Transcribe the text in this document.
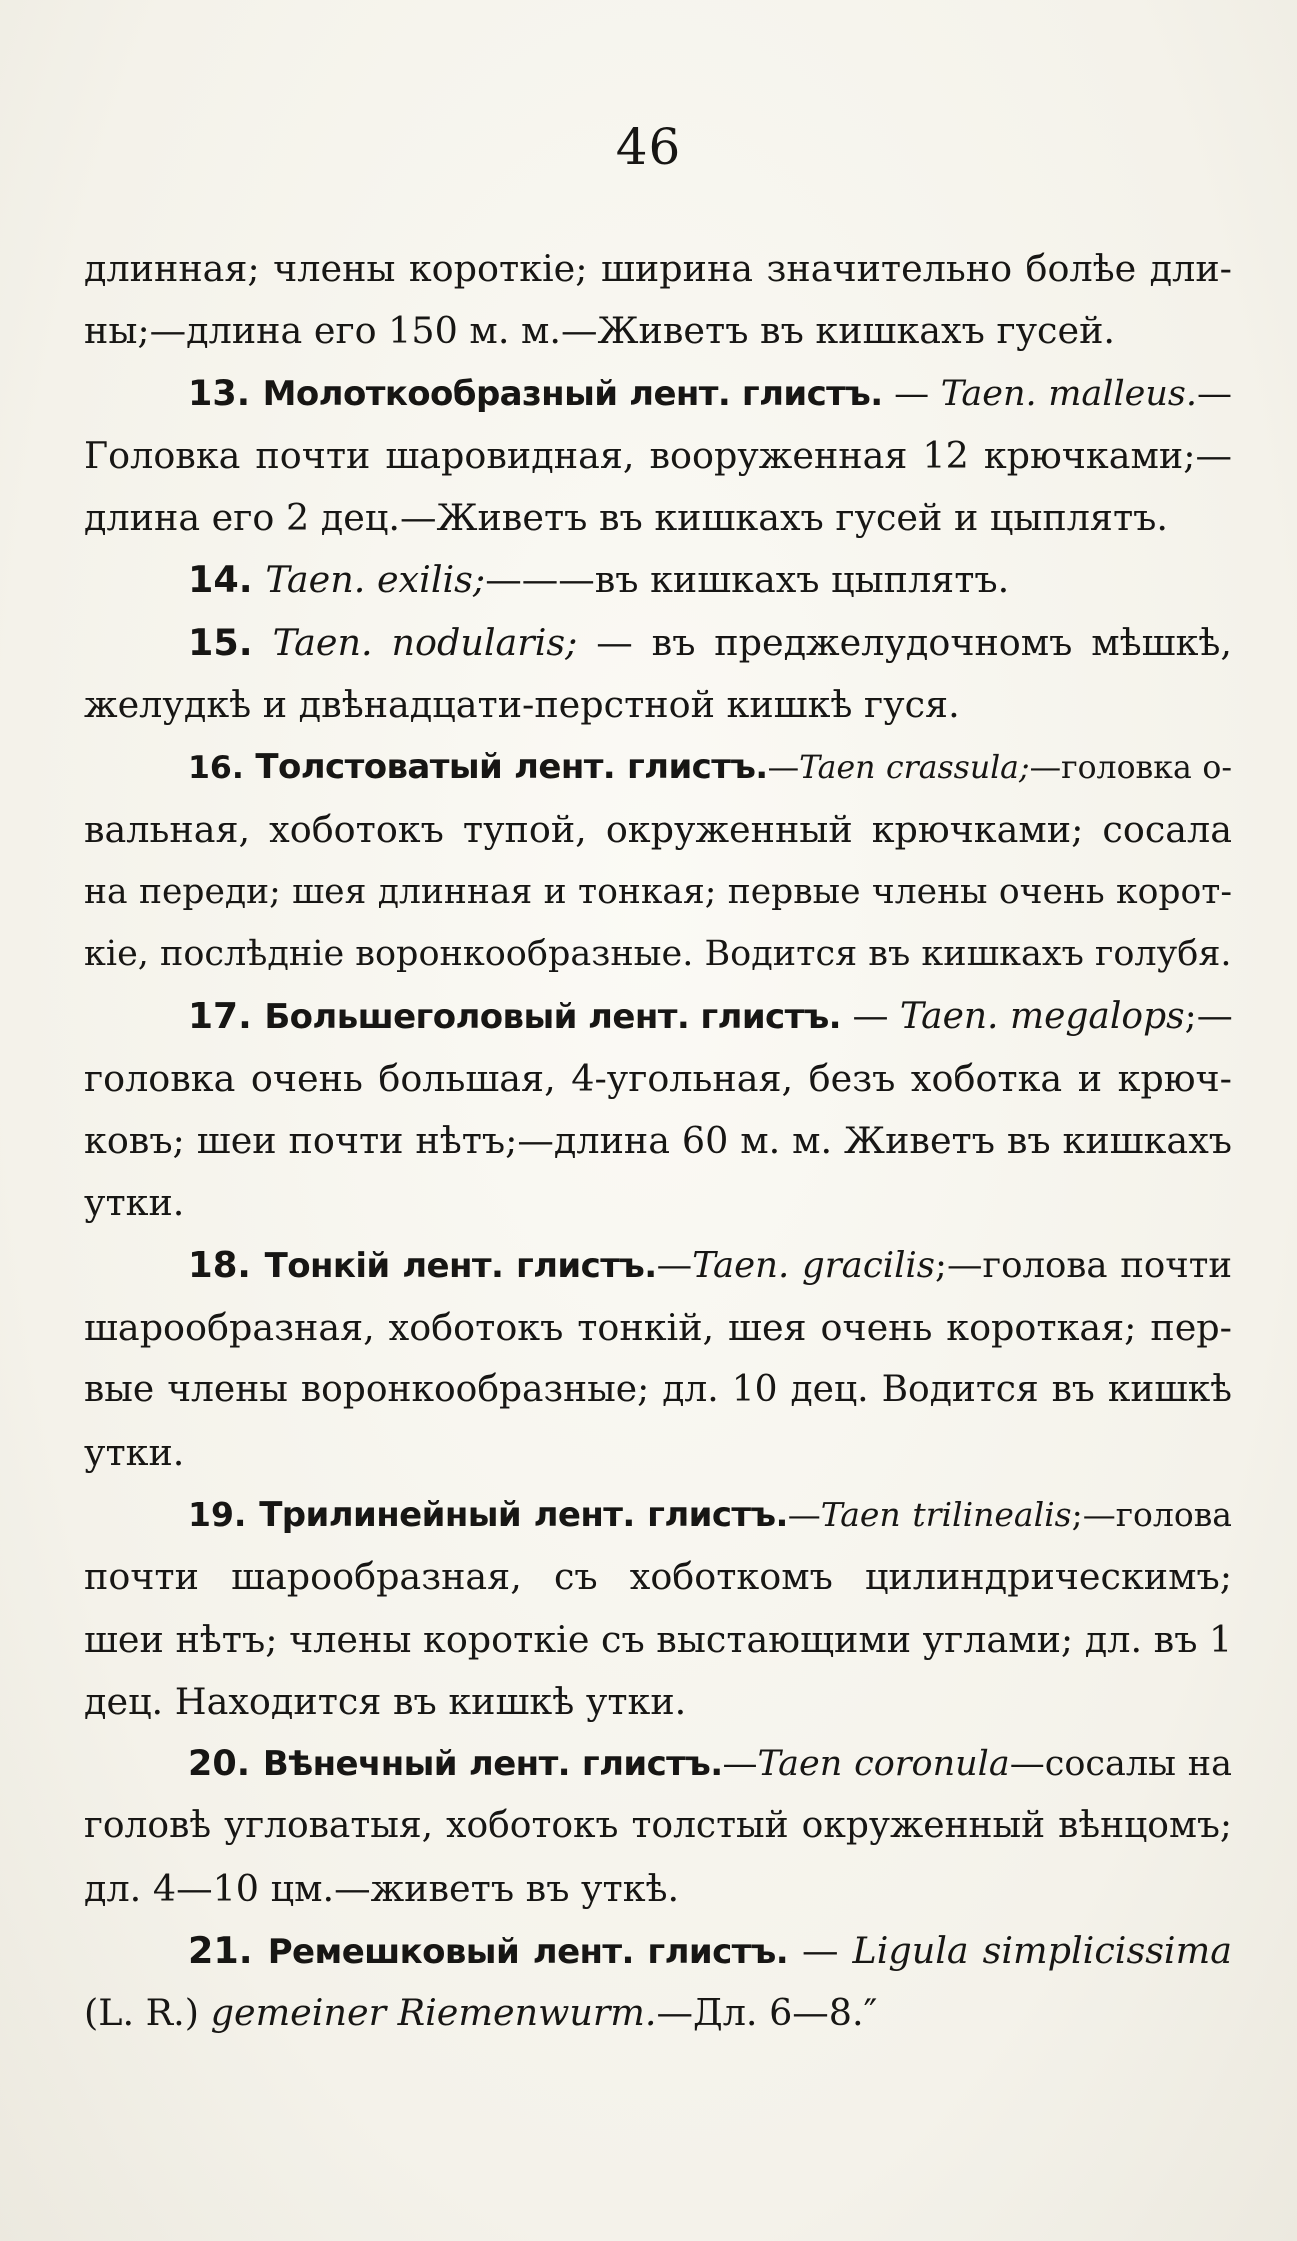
46
длинная; члены короткіе; ширина значительно болѣе дли-
ны;—длина его 150 м. м.—Живетъ въ кишкахъ гусей.
13. Молоткообразный лент. глистъ. — Taen. malleus.—
Головка почти шаровидная, вооруженная 12 крючками;—
длина его 2 дец.—Живетъ въ кишкахъ гусей и цыплятъ.
14. Taen. exilis;———въ кишкахъ цыплятъ.
15. Taen. nodularis; — въ преджелудочномъ мѣшкѣ,
желудкѣ и двѣнадцати-перстной кишкѣ гуся.
16. Толстоватый лент. глистъ.—Taen crassula;—головка о-
вальная, хоботокъ тупой, окруженный крючками; сосала
на переди; шея длинная и тонкая; первые члены очень корот-
кіе, послѣдніе воронкообразные. Водится въ кишкахъ голубя.
17. Большеголовый лент. глистъ. — Taen. megalops;—
головка очень большая, 4-угольная, безъ хоботка и крюч-
ковъ; шеи почти нѣтъ;—длина 60 м. м. Живетъ въ кишкахъ
утки.
18. Тонкій лент. глистъ.—Taen. gracilis;—голова почти
шарообразная, хоботокъ тонкій, шея очень короткая; пер-
вые члены воронкообразные; дл. 10 дец. Водится въ кишкѣ
утки.
19. Трилинейный лент. глистъ.—Taen trilinealis;—голова
почти шарообразная, съ хоботкомъ цилиндрическимъ;
шеи нѣтъ; члены короткіе съ выстающими углами; дл. въ 1
дец. Находится въ кишкѣ утки.
20. Вѣнечный лент. глистъ.—Taen coronula—сосалы на
головѣ угловатыя, хоботокъ толстый окруженный вѣнцомъ;
дл. 4—10 цм.—живетъ въ уткѣ.
21. Ремешковый лент. глистъ. — Ligula simplicissima
(L. R.) gemeiner Riemenwurm.—Дл. 6—8.″
